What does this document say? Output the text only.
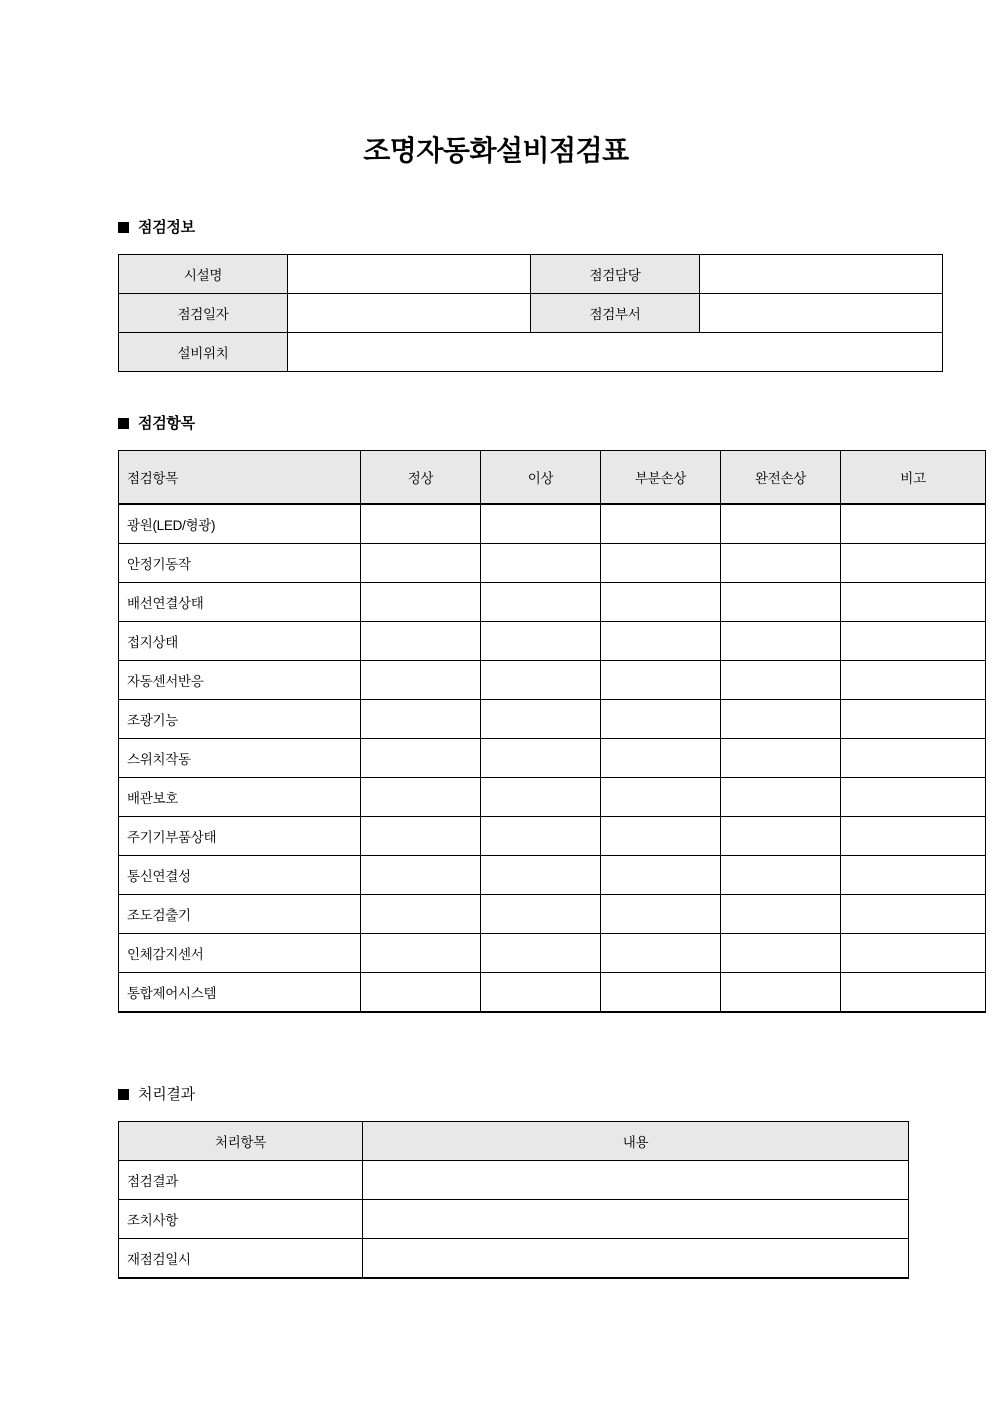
조명자동화설비점검표
점검정보
시설명		점검담당	
점검일자		점검부서	
설비위치			
점검항목
점검항목	정상	이상	부분손상	완전손상	비고
광원(LED/형광)					
안정기동작					
배선연결상태					
접지상태					
자동센서반응					
조광기능					
스위치작동					
배관보호					
주기기부품상태					
통신연결성					
조도검출기					
인체감지센서					
통합제어시스템					
처리결과
처리항목	내용
점검결과	
조치사항	
재점검일시	
